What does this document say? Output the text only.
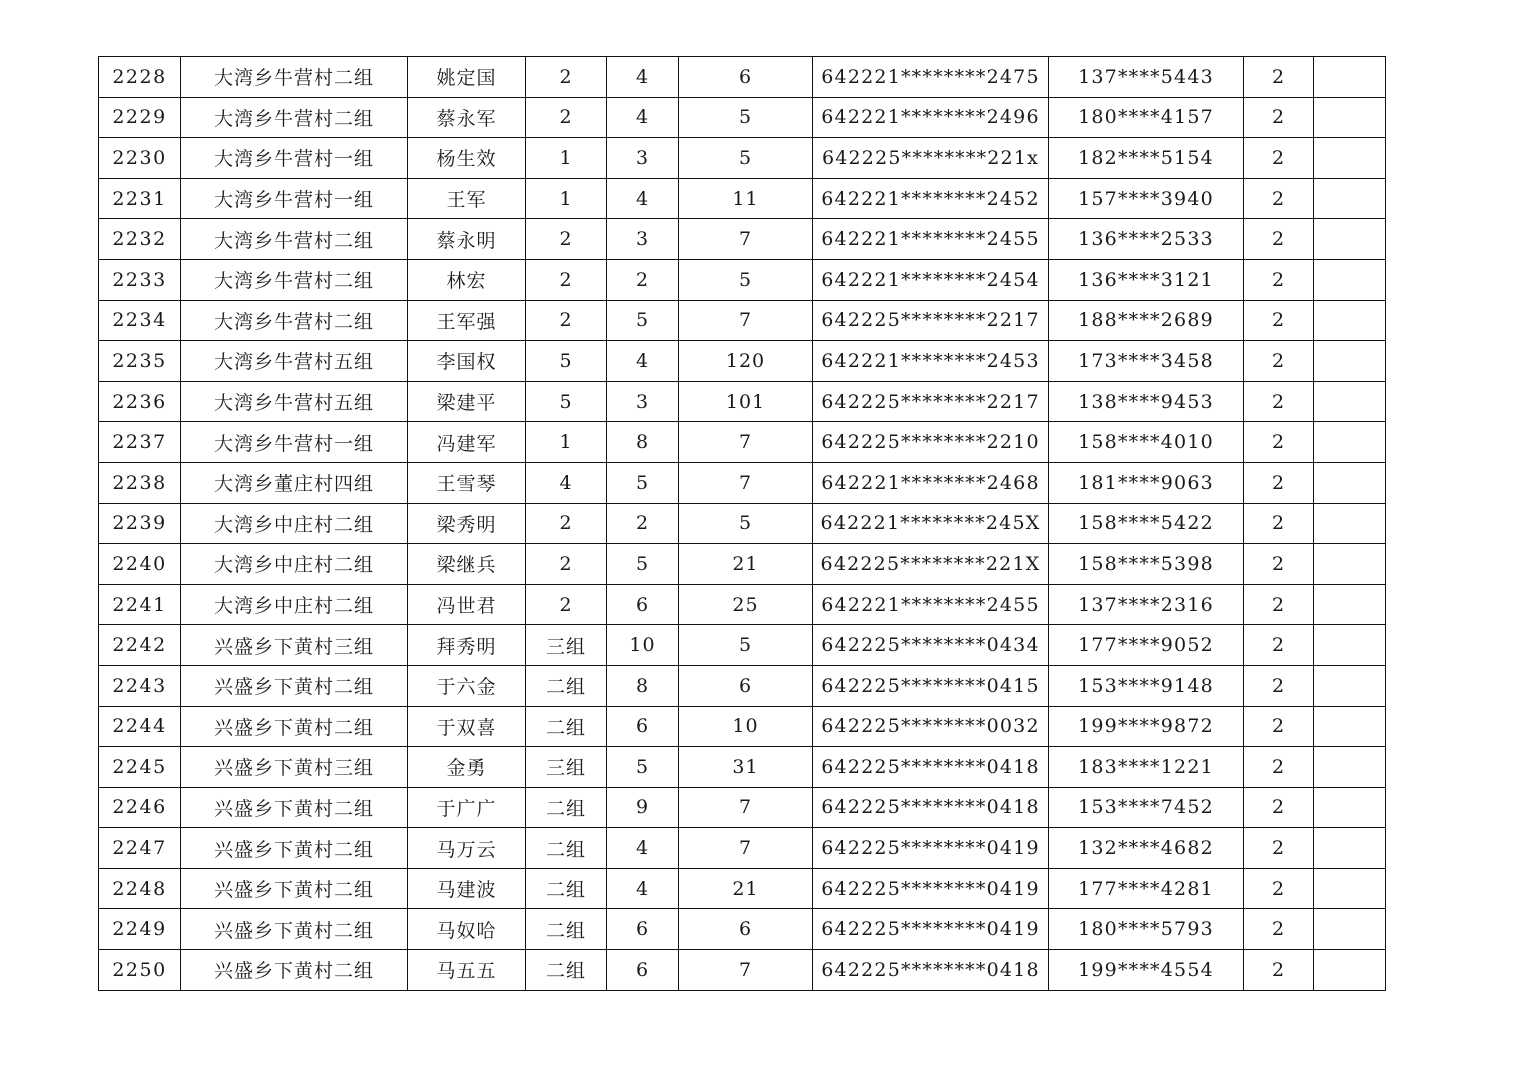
2228	大湾乡牛营村二组	姚定国	2	4	6	642221********2475	137****5443	2	
2229	大湾乡牛营村二组	蔡永军	2	4	5	642221********2496	180****4157	2	
2230	大湾乡牛营村一组	杨生效	1	3	5	642225********221x	182****5154	2	
2231	大湾乡牛营村一组	王军	1	4	11	642221********2452	157****3940	2	
2232	大湾乡牛营村二组	蔡永明	2	3	7	642221********2455	136****2533	2	
2233	大湾乡牛营村二组	林宏	2	2	5	642221********2454	136****3121	2	
2234	大湾乡牛营村二组	王军强	2	5	7	642225********2217	188****2689	2	
2235	大湾乡牛营村五组	李国权	5	4	120	642221********2453	173****3458	2	
2236	大湾乡牛营村五组	梁建平	5	3	101	642225********2217	138****9453	2	
2237	大湾乡牛营村一组	冯建军	1	8	7	642225********2210	158****4010	2	
2238	大湾乡董庄村四组	王雪琴	4	5	7	642221********2468	181****9063	2	
2239	大湾乡中庄村二组	梁秀明	2	2	5	642221********245X	158****5422	2	
2240	大湾乡中庄村二组	梁继兵	2	5	21	642225********221X	158****5398	2	
2241	大湾乡中庄村二组	冯世君	2	6	25	642221********2455	137****2316	2	
2242	兴盛乡下黄村三组	拜秀明	三组	10	5	642225********0434	177****9052	2	
2243	兴盛乡下黄村二组	于六金	二组	8	6	642225********0415	153****9148	2	
2244	兴盛乡下黄村二组	于双喜	二组	6	10	642225********0032	199****9872	2	
2245	兴盛乡下黄村三组	金勇	三组	5	31	642225********0418	183****1221	2	
2246	兴盛乡下黄村二组	于广广	二组	9	7	642225********0418	153****7452	2	
2247	兴盛乡下黄村二组	马万云	二组	4	7	642225********0419	132****4682	2	
2248	兴盛乡下黄村二组	马建波	二组	4	21	642225********0419	177****4281	2	
2249	兴盛乡下黄村二组	马奴哈	二组	6	6	642225********0419	180****5793	2	
2250	兴盛乡下黄村二组	马五五	二组	6	7	642225********0418	199****4554	2	
